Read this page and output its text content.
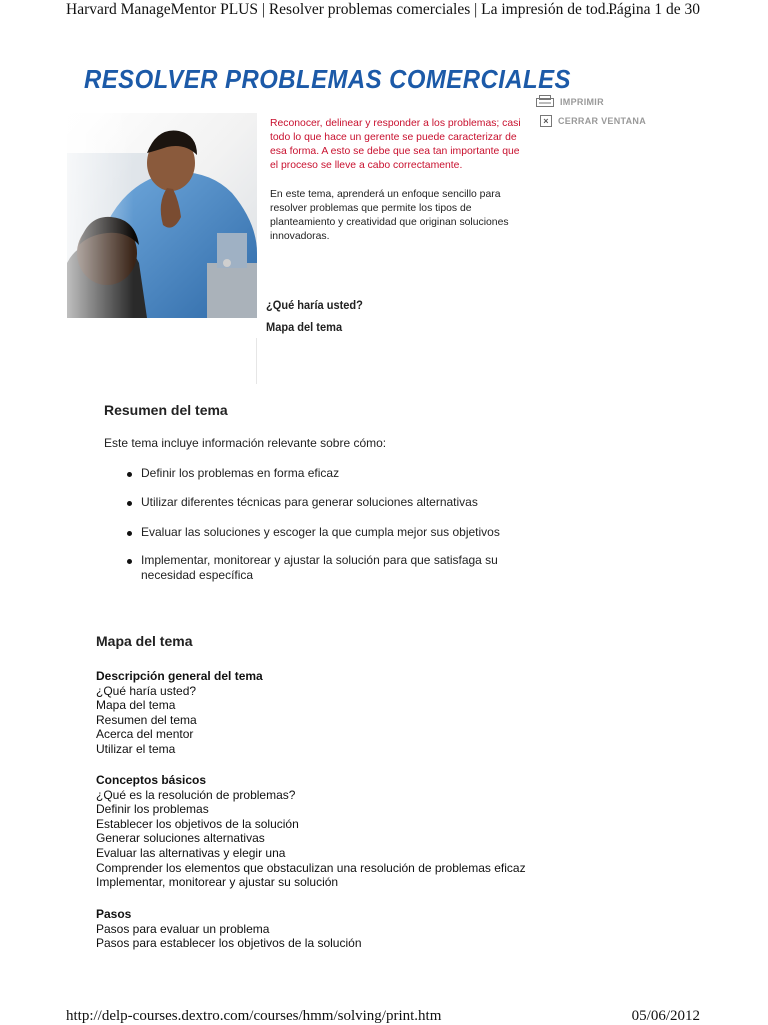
Harvard ManageMentor PLUS | Resolver problemas comerciales | La impresión de tod...
Página 1 de 30
RESOLVER PROBLEMAS COMERCIALES
Reconocer, delinear y responder a los problemas; casi todo lo que hace un gerente se puede caracterizar de esa forma. A esto se debe que sea tan importante que el proceso se lleve a cabo correctamente.
En este tema, aprenderá un enfoque sencillo para resolver problemas que permite los tipos de planteamiento y creatividad que originan soluciones innovadoras.
¿Qué haría usted?
Mapa del tema
IMPRIMIR
×	CERRAR VENTANA
Resumen del tema
Este tema incluye información relevante sobre cómo:
Definir los problemas en forma eficaz
Utilizar diferentes técnicas para generar soluciones alternativas
Evaluar las soluciones y escoger la que cumpla mejor sus objetivos
Implementar, monitorear y ajustar la solución para que satisfaga su necesidad específica
Mapa del tema
Descripción general del tema
¿Qué haría usted?
Mapa del tema
Resumen del tema
Acerca del mentor
Utilizar el tema
Conceptos básicos
¿Qué es la resolución de problemas?
Definir los problemas
Establecer los objetivos de la solución
Generar soluciones alternativas
Evaluar las alternativas y elegir una
Comprender los elementos que obstaculizan una resolución de problemas eficaz
Implementar, monitorear y ajustar su solución
Pasos
Pasos para evaluar un problema
Pasos para establecer los objetivos de la solución
http://delp-courses.dextro.com/courses/hmm/solving/print.htm	05/06/2012
